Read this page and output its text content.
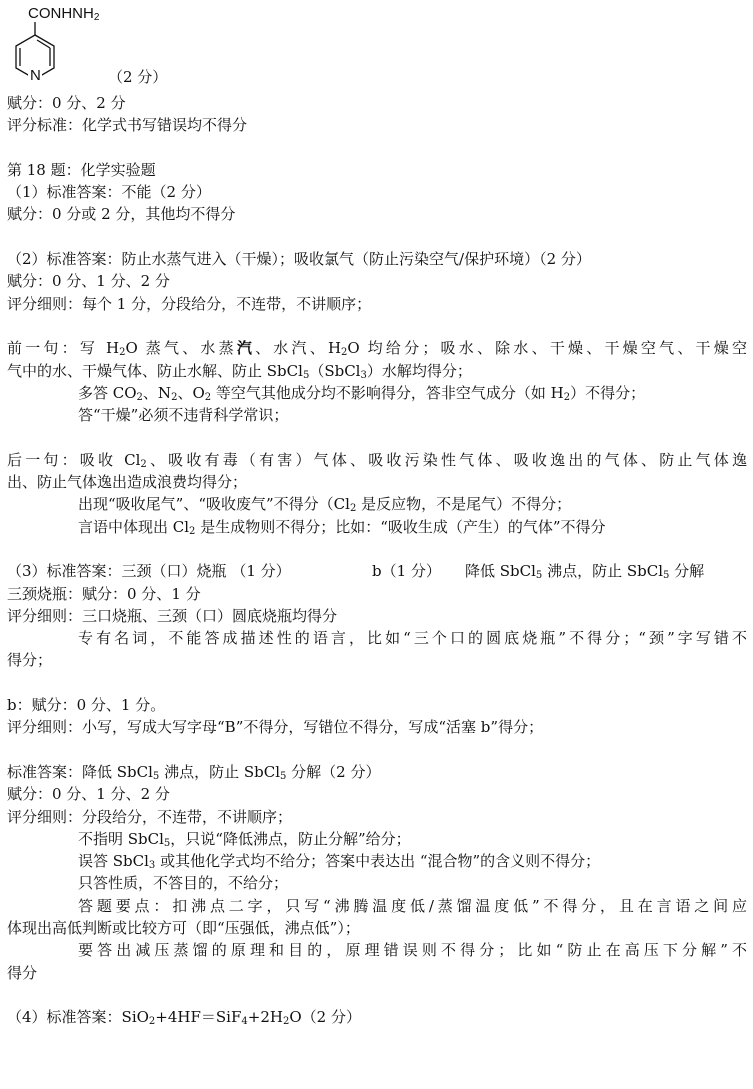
$CONHNH_2$
N	（2 分）
赋分：0 分、2 分
评分标准：化学式书写错误均不得分
第 18 题：化学实验题
（1）标准答案：不能（2 分）
赋分：0 分或 2 分，其他均不得分
（2）标准答案：防止水蒸气进入（干燥）；吸收氯气（防止污染空气/保护环境）（2 分）
赋分：0 分、1 分、2 分
评分细则：每个 1 分，分段给分，不连带，不讲顺序；
前一句：写 $H_2O$ 蒸气、水蒸汽、水汽、$H_2O$ 均给分；吸水、除水、干燥、干燥空气、干燥空
气中的水、干燥气体、防止水解、防止 SbCl$_5$（SbCl$_3$）水解均得分；
多答 $CO_2$、$N_2$、$O_2$ 等空气其他成分均不影响得分，答非空气成分（如 $H_2$）不得分；
答“干燥”必须不违背科学常识；
后一句：吸收 $Cl_2$、吸收有毒（有害）气体、吸收污染性气体、吸收逸出的气体、防止气体逸
出、防止气体逸出造成浪费均得分；
出现“吸收尾气”、“吸收废气”不得分（$Cl_2$ 是反应物，不是尾气）不得分；
言语中体现出 $Cl_2$ 是生成物则不得分；比如：“吸收生成（产生）的气体”不得分
（3）标准答案：三颈（口）烧瓶 （1 分）	b（1 分） 降低 SbCl$_5$ 沸点，防止 SbCl$_5$ 分解
三颈烧瓶：赋分：0 分、1 分
评分细则：三口烧瓶、三颈（口）圆底烧瓶均得分
专有名词，不能答成描述性的语言，比如“三个口的圆底烧瓶”不得分；“颈”字写错不
得分；
b：赋分：0 分、1 分。
评分细则：小写，写成大写字母“B”不得分，写错位不得分，写成“活塞 b”得分；
标准答案：降低 SbCl$_5$ 沸点，防止 SbCl$_5$ 分解（2 分）
赋分：0 分、1 分、2 分
评分细则：分段给分，不连带，不讲顺序；
不指明 SbCl$_5$，只说“降低沸点，防止分解”给分；
误答 SbCl$_3$ 或其他化学式均不给分；答案中表达出 “混合物”的含义则不得分；
只答性质，不答目的，不给分；
答题要点：扣沸点二字，只写“沸腾温度低/蒸馏温度低”不得分，且在言语之间应
体现出高低判断或比较方可（即“压强低，沸点低”）；
要答出减压蒸馏的原理和目的，原理错误则不得分；比如“防止在高压下分解”不
得分
（4）标准答案：$SiO_2+4HF=SiF_4+2H_2O(2$ 分）
